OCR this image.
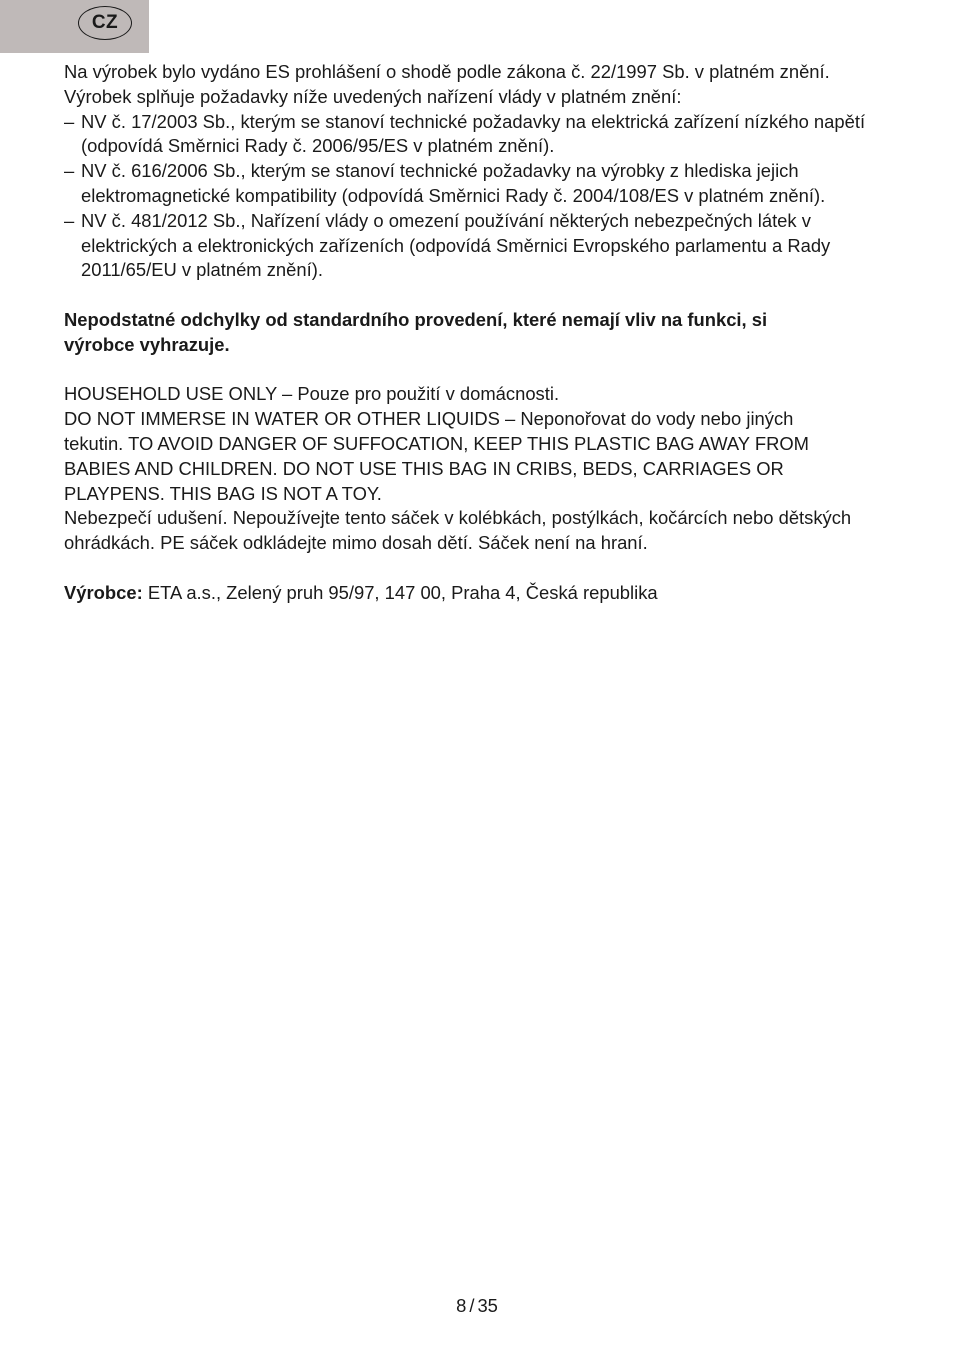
CZ

Na výrobek bylo vydáno ES prohlášení o shodě podle zákona č. 22/1997 Sb. v platném znění. Výrobek splňuje požadavky níže uvedených nařízení vlády v platném znění:

– NV č. 17/2003 Sb., kterým se stanoví technické požadavky na elektrická zařízení nízkého napětí (odpovídá Směrnici Rady č. 2006/95/ES v platném znění).
– NV č. 616/2006 Sb., kterým se stanoví technické požadavky na výrobky z hlediska jejich elektromagnetické kompatibility (odpovídá Směrnici Rady č. 2004/108/ES v platném znění).
– NV č. 481/2012 Sb., Nařízení vlády o omezení používání některých nebezpečných látek v elektrických a elektronických zařízeních (odpovídá Směrnici Evropského parlamentu a Rady 2011/65/EU v platném znění).

Nepodstatné odchylky od standardního provedení, které nemají vliv na funkci, si výrobce vyhrazuje.

HOUSEHOLD USE ONLY – Pouze pro použití v domácnosti.

DO NOT IMMERSE IN WATER OR OTHER LIQUIDS – Neponořovat do vody nebo jiných tekutin. TO AVOID DANGER OF SUFFOCATION, KEEP THIS PLASTIC BAG AWAY FROM BABIES AND CHILDREN. DO NOT USE THIS BAG IN CRIBS, BEDS, CARRIAGES OR PLAYPENS. THIS BAG IS NOT A TOY.

Nebezpečí udušení. Nepoužívejte tento sáček v kolébkách, postýlkách, kočárcích nebo dětských ohrádkách. PE sáček odkládejte mimo dosah dětí. Sáček není na hraní.

Výrobce: ETA a.s., Zelený pruh 95/97, 147 00, Praha 4, Česká republika

8 / 35
